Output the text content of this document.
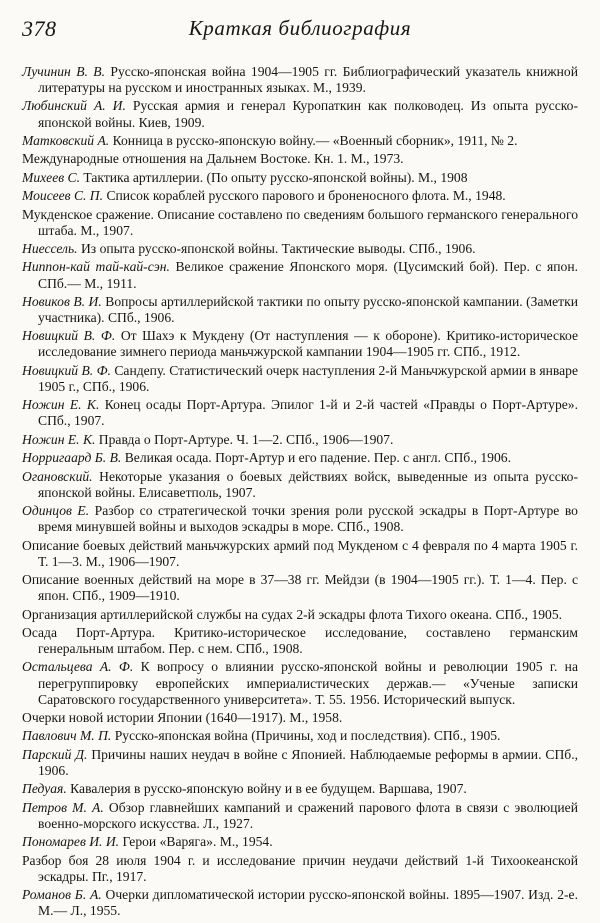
378	Краткая библиография

Лучинин В. В. Русско-японская война 1904—1905 гг. Библиографический указатель книжной литературы на русском и иностранных языках. М., 1939.

Любинский А. И. Русская армия и генерал Куропаткин как полководец. Из опыта русско-японской войны. Киев, 1909.

Матковский А. Конница в русско-японскую войну.— «Военный сборник», 1911, № 2.

Международные отношения на Дальнем Востоке. Кн. 1. М., 1973.

Михеев С. Тактика артиллерии. (По опыту русско-японской войны). М., 1908

Моисеев С. П. Список кораблей русского парового и броненосного флота. М., 1948.

Мукденское сражение. Описание составлено по сведениям большого германского генерального штаба. М., 1907.

Ниессель. Из опыта русско-японской войны. Тактические выводы. СПб., 1906.

Ниппон-кай тай-кай-сэн. Великое сражение Японского моря. (Цусимский бой). Пер. с япон. СПб.— М., 1911.

Новиков В. И. Вопросы артиллерийской тактики по опыту русско-японской кампании. (Заметки участника). СПб., 1906.

Новицкий В. Ф. От Шахэ к Мукдену (От наступления — к обороне). Критико-историческое исследование зимнего периода маньчжурской кампании 1904—1905 гг. СПб., 1912.

Новицкий В. Ф. Сандепу. Статистический очерк наступления 2-й Маньчжурской армии в январе 1905 г., СПб., 1906.

Ножин Е. К. Конец осады Порт-Артура. Эпилог 1-й и 2-й частей «Правды о Порт-Артуре». СПб., 1907.

Ножин Е. К. Правда о Порт-Артуре. Ч. 1—2. СПб., 1906—1907.

Норригаард Б. В. Великая осада. Порт-Артур и его падение. Пер. с англ. СПб., 1906.

Огановский. Некоторые указания о боевых действиях войск, выведенные из опыта русско-японской войны. Елисаветполь, 1907.

Одинцов Е. Разбор со стратегической точки зрения роли русской эскадры в Порт-Артуре во время минувшей войны и выходов эскадры в море. СПб., 1908.

Описание боевых действий маньчжурских армий под Мукденом с 4 февраля по 4 марта 1905 г. Т. 1—3. М., 1906—1907.

Описание военных действий на море в 37—38 гг. Мейдзи (в 1904—1905 гг.). Т. 1—4. Пер. с япон. СПб., 1909—1910.

Организация артиллерийской службы на судах 2-й эскадры флота Тихого океана. СПб., 1905.

Осада Порт-Артура. Критико-историческое исследование, составлено германским генеральным штабом. Пер. с нем. СПб., 1908.

Остальцева А. Ф. К вопросу о влиянии русско-японской войны и революции 1905 г. на перегруппировку европейских империалистических держав.— «Ученые записки Саратовского государственного университета». Т. 55. 1956. Исторический выпуск.

Очерки новой истории Японии (1640—1917). М., 1958.

Павлович М. П. Русско-японская война (Причины, ход и последствия). СПб., 1905.

Парский Д. Причины наших неудач в войне с Японией. Наблюдаемые реформы в армии. СПб., 1906.

Педуая. Кавалерия в русско-японскую войну и в ее будущем. Варшава, 1907.

Петров М. А. Обзор главнейших кампаний и сражений парового флота в связи с эволюцией военно-морского искусства. Л., 1927.

Пономарев И. И. Герои «Варяга». М., 1954.

Разбор боя 28 июля 1904 г. и исследование причин неудачи действий 1-й Тихоокеанской эскадры. Пг., 1917.

Романов Б. А. Очерки дипломатической истории русско-японской войны. 1895—1907. Изд. 2-е. М.— Л., 1955.
